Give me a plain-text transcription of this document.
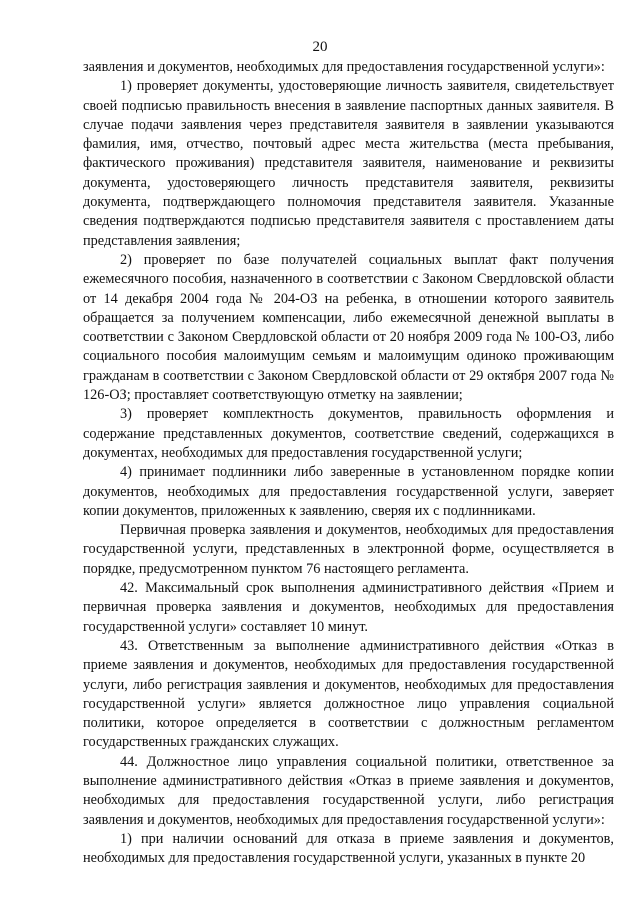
20

заявления и документов, необходимых для предоставления государственной услуги»:

1) проверяет документы, удостоверяющие личность заявителя, свидетельствует своей подписью правильность внесения в заявление паспортных данных заявителя. В случае подачи заявления через представителя заявителя в заявлении указываются фамилия, имя, отчество, почтовый адрес места жительства (места пребывания, фактического проживания) представителя заявителя, наименование и реквизиты документа, удостоверяющего личность представителя заявителя, реквизиты документа, подтверждающего полномочия представителя заявителя. Указанные сведения подтверждаются подписью представителя заявителя с проставлением даты представления заявления;

2) проверяет по базе получателей социальных выплат факт получения ежемесячного пособия, назначенного в соответствии с Законом Свердловской области от 14 декабря 2004 года № 204-ОЗ на ребенка, в отношении которого заявитель обращается за получением компенсации, либо ежемесячной денежной выплаты в соответствии с Законом Свердловской области от 20 ноября 2009 года № 100-ОЗ, либо социального пособия малоимущим семьям и малоимущим одиноко проживающим гражданам в соответствии с Законом Свердловской области от 29 октября 2007 года № 126-ОЗ; проставляет соответствующую отметку на заявлении;

3) проверяет комплектность документов, правильность оформления и содержание представленных документов, соответствие сведений, содержащихся в документах, необходимых для предоставления государственной услуги;

4) принимает подлинники либо заверенные в установленном порядке копии документов, необходимых для предоставления государственной услуги, заверяет копии документов, приложенных к заявлению, сверяя их с подлинниками.

Первичная проверка заявления и документов, необходимых для предоставления государственной услуги, представленных в электронной форме, осуществляется в порядке, предусмотренном пунктом 76 настоящего регламента.

42. Максимальный срок выполнения административного действия «Прием и первичная проверка заявления и документов, необходимых для предоставления государственной услуги» составляет 10 минут.

43. Ответственным за выполнение административного действия «Отказ в приеме заявления и документов, необходимых для предоставления государственной услуги, либо регистрация заявления и документов, необходимых для предоставления государственной услуги» является должностное лицо управления социальной политики, которое определяется в соответствии с должностным регламентом государственных гражданских служащих.

44. Должностное лицо управления социальной политики, ответственное за выполнение административного действия «Отказ в приеме заявления и документов, необходимых для предоставления государственной услуги, либо регистрация заявления и документов, необходимых для предоставления государственной услуги»:

1) при наличии оснований для отказа в приеме заявления и документов, необходимых для предоставления государственной услуги, указанных в пункте 20
